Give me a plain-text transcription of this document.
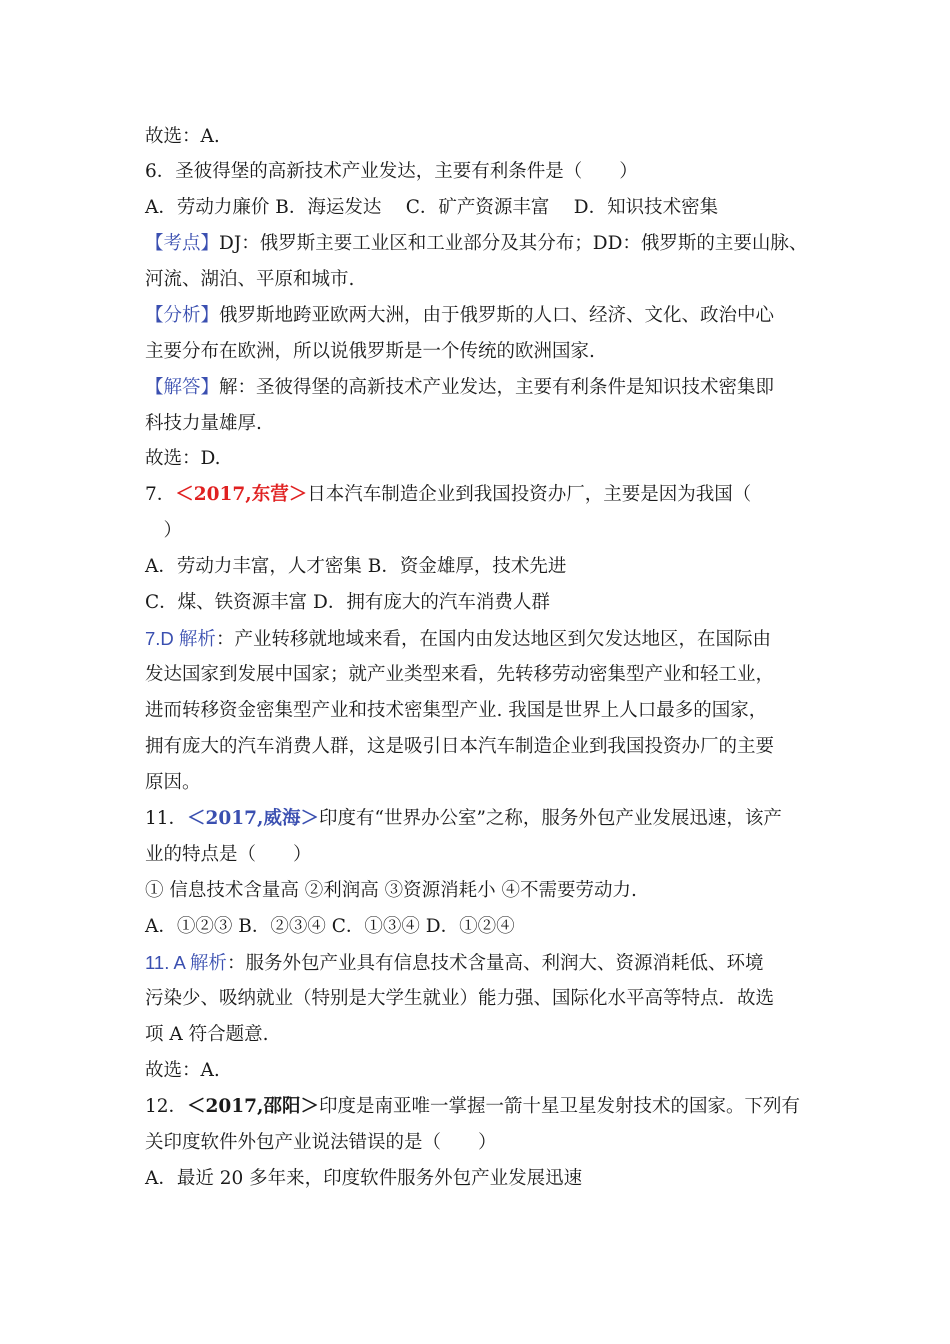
故选：A.
6．圣彼得堡的高新技术产业发达，主要有利条件是（　　）
A．劳动力廉价 B．海运发达　 C．矿产资源丰富　 D．知识技术密集
【考点】DJ：俄罗斯主要工业区和工业部分及其分布；DD：俄罗斯的主要山脉、
河流、湖泊、平原和城市.
【分析】俄罗斯地跨亚欧两大洲，由于俄罗斯的人口、经济、文化、政治中心
主要分布在欧洲，所以说俄罗斯是一个传统的欧洲国家.
【解答】解：圣彼得堡的高新技术产业发达，主要有利条件是知识技术密集即
科技力量雄厚.
故选：D.
7．＜2017,东营＞日本汽车制造企业到我国投资办厂，主要是因为我国（
　）
A．劳动力丰富，人才密集 B．资金雄厚，技术先进
C．煤、铁资源丰富 D．拥有庞大的汽车消费人群
7.D 解析：产业转移就地域来看，在国内由发达地区到欠发达地区，在国际由
发达国家到发展中国家；就产业类型来看，先转移劳动密集型产业和轻工业，
进而转移资金密集型产业和技术密集型产业. 我国是世界上人口最多的国家，
拥有庞大的汽车消费人群，这是吸引日本汽车制造企业到我国投资办厂的主要
原因。
11．＜2017,威海＞印度有“世界办公室”之称，服务外包产业发展迅速，该产
业的特点是（　　）
① 信息技术含量高 ②利润高 ③资源消耗小 ④不需要劳动力.
A．①②③ B．②③④ C．①③④ D．①②④
11. A 解析：服务外包产业具有信息技术含量高、利润大、资源消耗低、环境
污染少、吸纳就业（特别是大学生就业）能力强、国际化水平高等特点．故选
项 A 符合题意.
故选：A.
12．＜2017,邵阳＞印度是南亚唯一掌握一箭十星卫星发射技术的国家。下列有
关印度软件外包产业说法错误的是（　　）
A．最近 20 多年来，印度软件服务外包产业发展迅速
